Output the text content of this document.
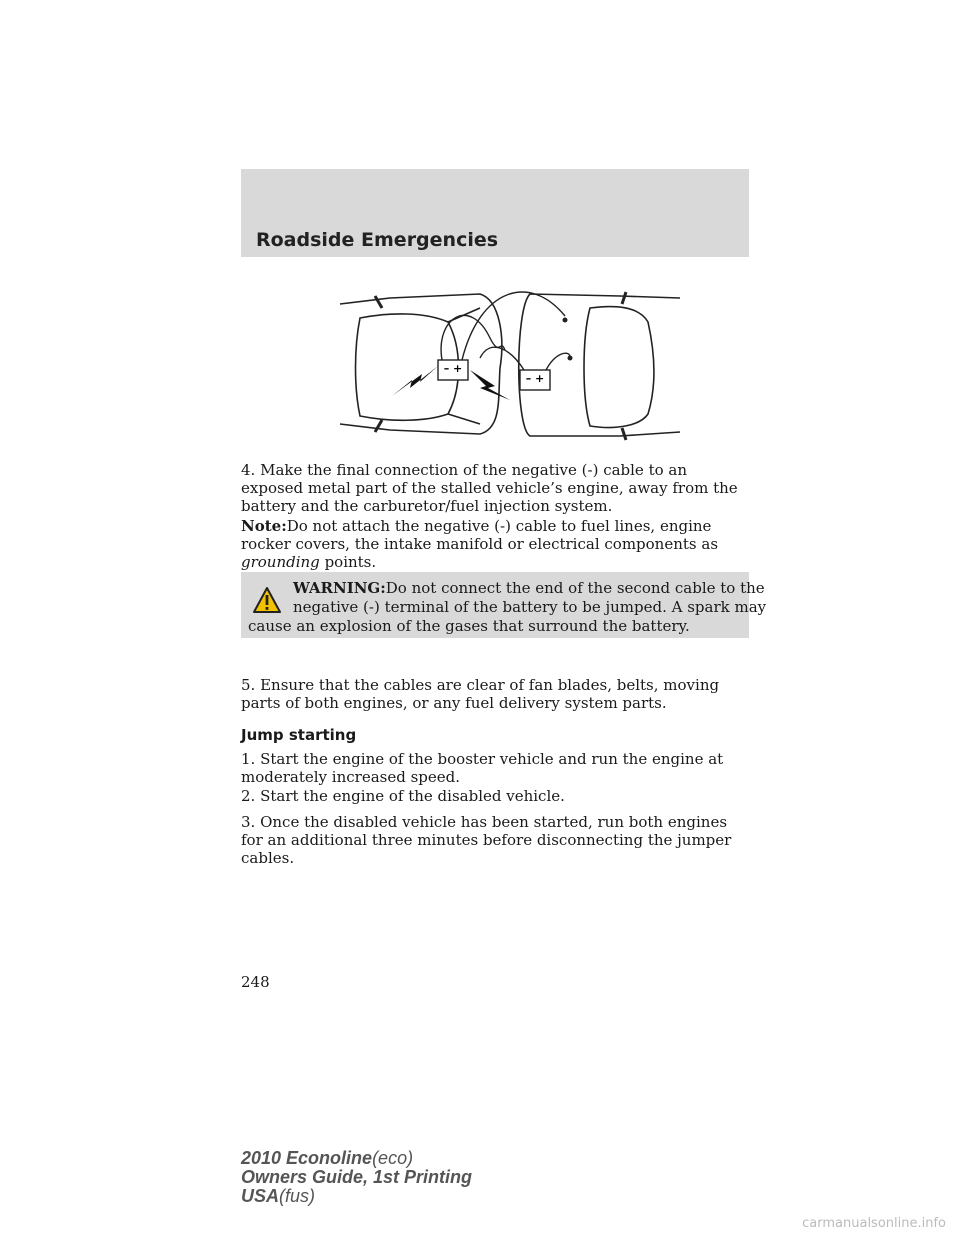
Roadside Emergencies
– +
– +

4. Make the final connection of the negative (-) cable to an exposed metal part of the stalled vehicle’s engine, away from the battery and the carburetor/fuel injection system.

Note:Do not attach the negative (-) cable to fuel lines, engine rocker covers, the intake manifold or electrical components as grounding points.

WARNING:Do not connect the end of the second cable to the
negative (-) terminal of the battery to be jumped. A spark may
cause an explosion of the gases that surround the battery.

5. Ensure that the cables are clear of fan blades, belts, moving parts of both engines, or any fuel delivery system parts.

Jump starting

1. Start the engine of the booster vehicle and run the engine at moderately increased speed.

2. Start the engine of the disabled vehicle.

3. Once the disabled vehicle has been started, run both engines for an additional three minutes before disconnecting the jumper cables.

248
2010 Econoline(eco)
Owners Guide, 1st Printing
USA(fus)
carmanualsonline.info
